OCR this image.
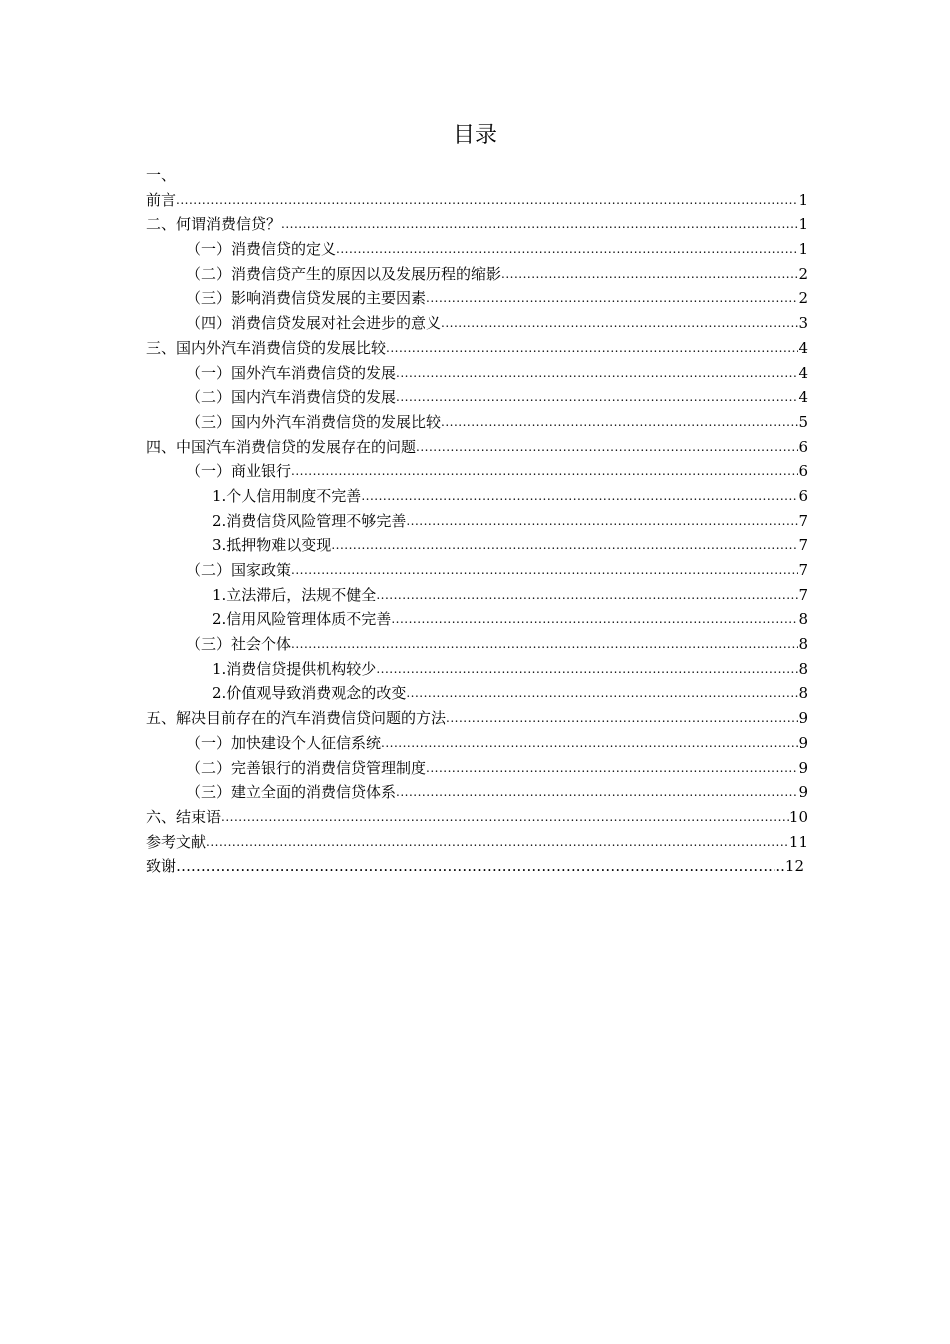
目录
一、
前言 .....	1
二、何谓消费信贷？ .....	1
（一）消费信贷的定义 .....	1
（二）消费信贷产生的原因以及发展历程的缩影 .....	2
（三）影响消费信贷发展的主要因素 .....	2
（四）消费信贷发展对社会进步的意义 .....	3
三、国内外汽车消费信贷的发展比较 .....	4
（一）国外汽车消费信贷的发展 .....	4
（二）国内汽车消费信贷的发展 .....	4
（三）国内外汽车消费信贷的发展比较 .....	5
四、中国汽车消费信贷的发展存在的问题 .....	6
（一）商业银行 .....	6
1.个人信用制度不完善 .....	6
2.消费信贷风险管理不够完善 .....	7
3.抵押物难以变现 .....	7
（二）国家政策 .....	7
1.立法滞后，法规不健全 .....	7
2.信用风险管理体质不完善 .....	8
（三）社会个体 .....	8
1.消费信贷提供机构较少 .....	8
2.价值观导致消费观念的改变 .....	8
五、解决目前存在的汽车消费信贷问题的方法 .....	9
（一）加快建设个人征信系统 .....	9
（二）完善银行的消费信贷管理制度 .....	9
（三）建立全面的消费信贷体系 .....	9
六、结束语 .....	10
参考文献 .....	11
致谢 ……………………………………………………………………………………………………………………………………………………	..12
